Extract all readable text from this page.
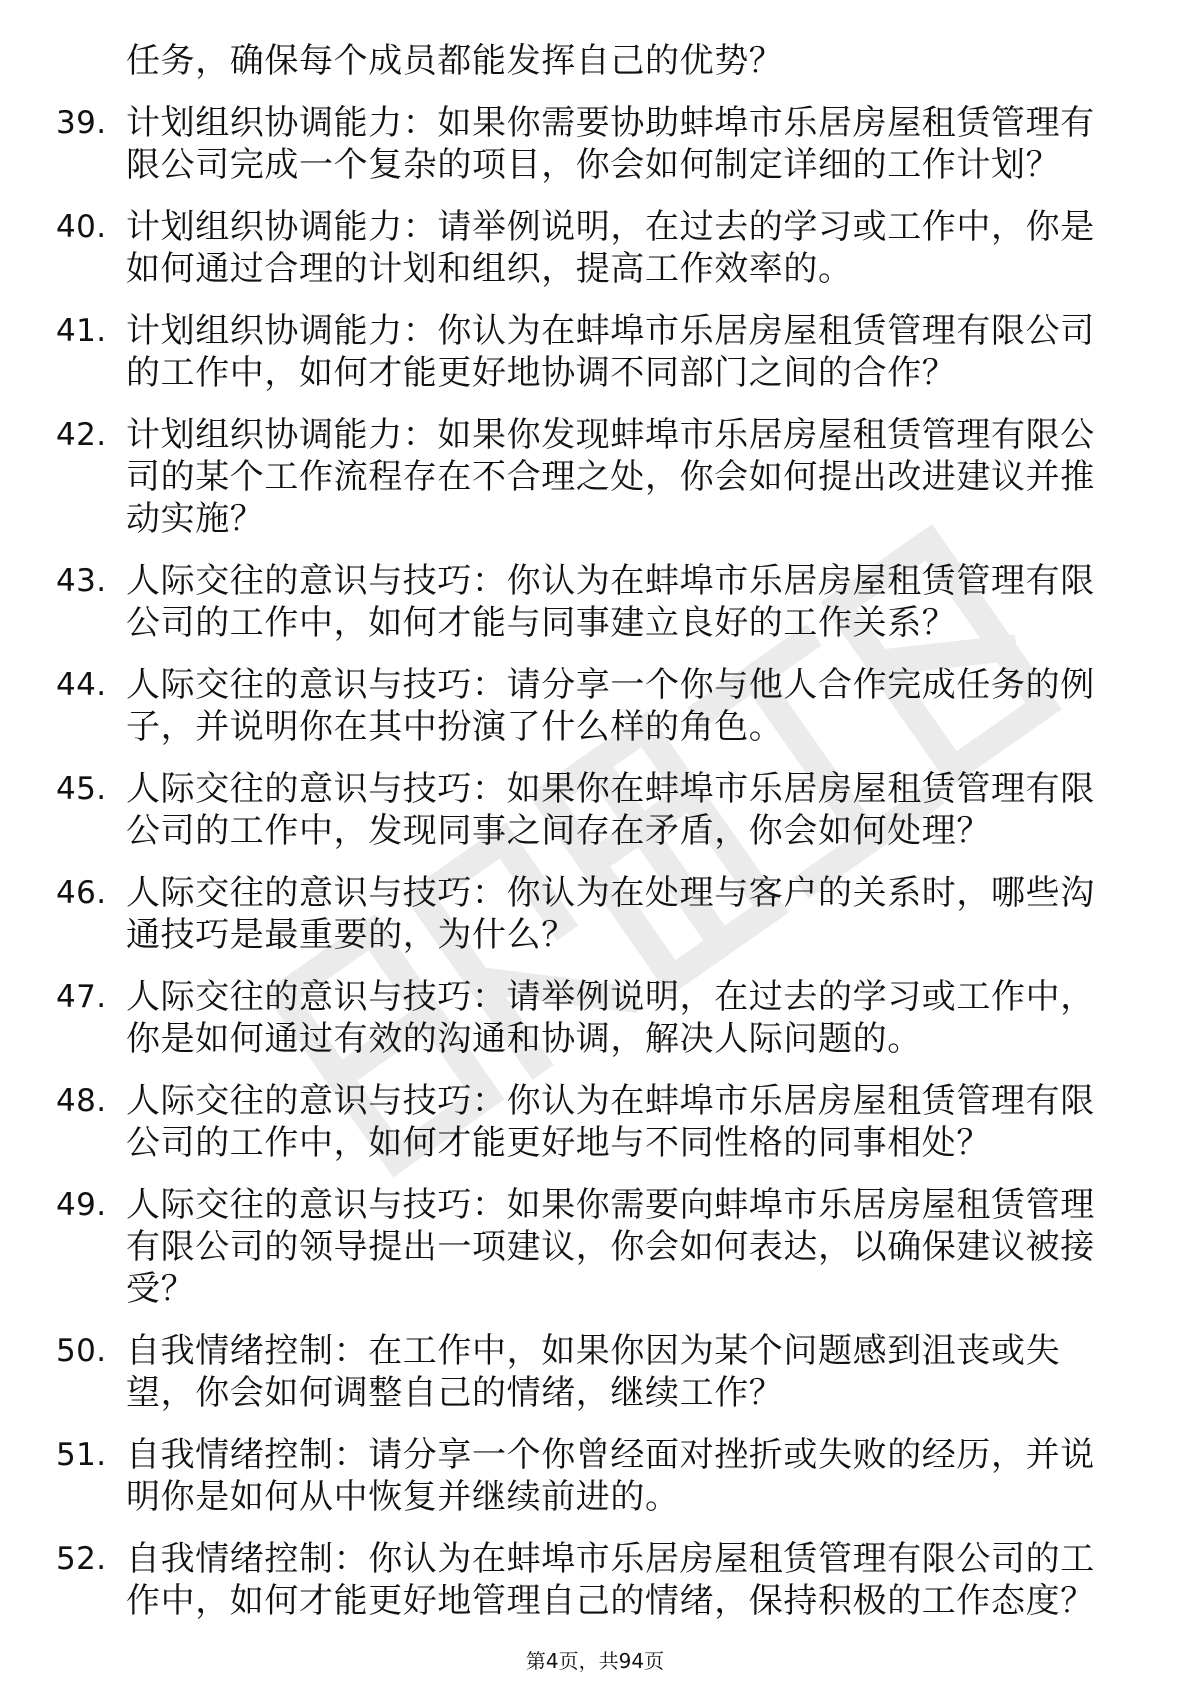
任务，确保每个成员都能发挥自己的优势？
39. 计划组织协调能力：如果你需要协助蚌埠市乐居房屋租赁管理有
限公司完成一个复杂的项目，你会如何制定详细的工作计划？
40. 计划组织协调能力：请举例说明，在过去的学习或工作中，你是
如何通过合理的计划和组织，提高工作效率的。
41. 计划组织协调能力：你认为在蚌埠市乐居房屋租赁管理有限公司
的工作中，如何才能更好地协调不同部门之间的合作？
42. 计划组织协调能力：如果你发现蚌埠市乐居房屋租赁管理有限公
司的某个工作流程存在不合理之处，你会如何提出改进建议并推
动实施？
43. 人际交往的意识与技巧：你认为在蚌埠市乐居房屋租赁管理有限
公司的工作中，如何才能与同事建立良好的工作关系？
44. 人际交往的意识与技巧：请分享一个你与他人合作完成任务的例
子，并说明你在其中扮演了什么样的角色。
45. 人际交往的意识与技巧：如果你在蚌埠市乐居房屋租赁管理有限
公司的工作中，发现同事之间存在矛盾，你会如何处理？
46. 人际交往的意识与技巧：你认为在处理与客户的关系时，哪些沟
通技巧是最重要的，为什么？
47. 人际交往的意识与技巧：请举例说明，在过去的学习或工作中，
你是如何通过有效的沟通和协调，解决人际问题的。
48. 人际交往的意识与技巧：你认为在蚌埠市乐居房屋租赁管理有限
公司的工作中，如何才能更好地与不同性格的同事相处？
49. 人际交往的意识与技巧：如果你需要向蚌埠市乐居房屋租赁管理
有限公司的领导提出一项建议，你会如何表达，以确保建议被接
受？
50. 自我情绪控制：在工作中，如果你因为某个问题感到沮丧或失
望，你会如何调整自己的情绪，继续工作？
51. 自我情绪控制：请分享一个你曾经面对挫折或失败的经历，并说
明你是如何从中恢复并继续前进的。
52. 自我情绪控制：你认为在蚌埠市乐居房屋租赁管理有限公司的工
作中，如何才能更好地管理自己的情绪，保持积极的工作态度？
第4页，共94页
